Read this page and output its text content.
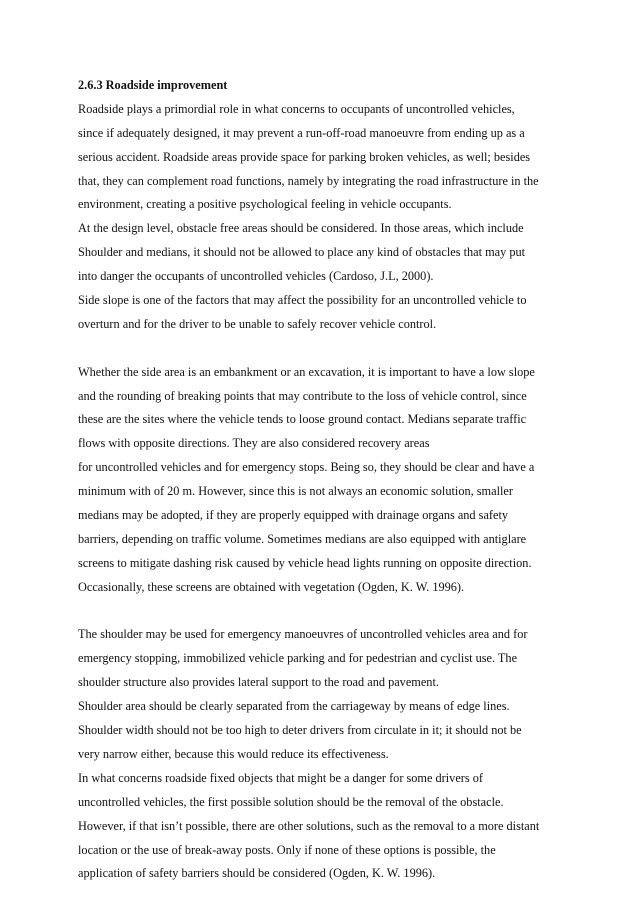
2.6.3 Roadside improvement
Roadside plays a primordial role in what concerns to occupants of uncontrolled vehicles,
since if adequately designed, it may prevent a run-off-road manoeuvre from ending up as a
serious accident. Roadside areas provide space for parking broken vehicles, as well; besides
that, they can complement road functions, namely by integrating the road infrastructure in the
environment, creating a positive psychological feeling in vehicle occupants.
At the design level, obstacle free areas should be considered. In those areas, which include
Shoulder and medians, it should not be allowed to place any kind of obstacles that may put
into danger the occupants of uncontrolled vehicles (Cardoso, J.L, 2000).
Side slope is one of the factors that may affect the possibility for an uncontrolled vehicle to
overturn and for the driver to be unable to safely recover vehicle control.
Whether the side area is an embankment or an excavation, it is important to have a low slope
and the rounding of breaking points that may contribute to the loss of vehicle control, since
these are the sites where the vehicle tends to loose ground contact. Medians separate traffic
flows with opposite directions. They are also considered recovery areas
for uncontrolled vehicles and for emergency stops. Being so, they should be clear and have a
minimum with of 20 m. However, since this is not always an economic solution, smaller
medians may be adopted, if they are properly equipped with drainage organs and safety
barriers, depending on traffic volume. Sometimes medians are also equipped with antiglare
screens to mitigate dashing risk caused by vehicle head lights running on opposite direction.
Occasionally, these screens are obtained with vegetation (Ogden, K. W. 1996).
The shoulder may be used for emergency manoeuvres of uncontrolled vehicles area and for
emergency stopping, immobilized vehicle parking and for pedestrian and cyclist use. The
shoulder structure also provides lateral support to the road and pavement.
Shoulder area should be clearly separated from the carriageway by means of edge lines.
Shoulder width should not be too high to deter drivers from circulate in it; it should not be
very narrow either, because this would reduce its effectiveness.
In what concerns roadside fixed objects that might be a danger for some drivers of
uncontrolled vehicles, the first possible solution should be the removal of the obstacle.
However, if that isn’t possible, there are other solutions, such as the removal to a more distant
location or the use of break-away posts. Only if none of these options is possible, the
application of safety barriers should be considered (Ogden, K. W. 1996).
